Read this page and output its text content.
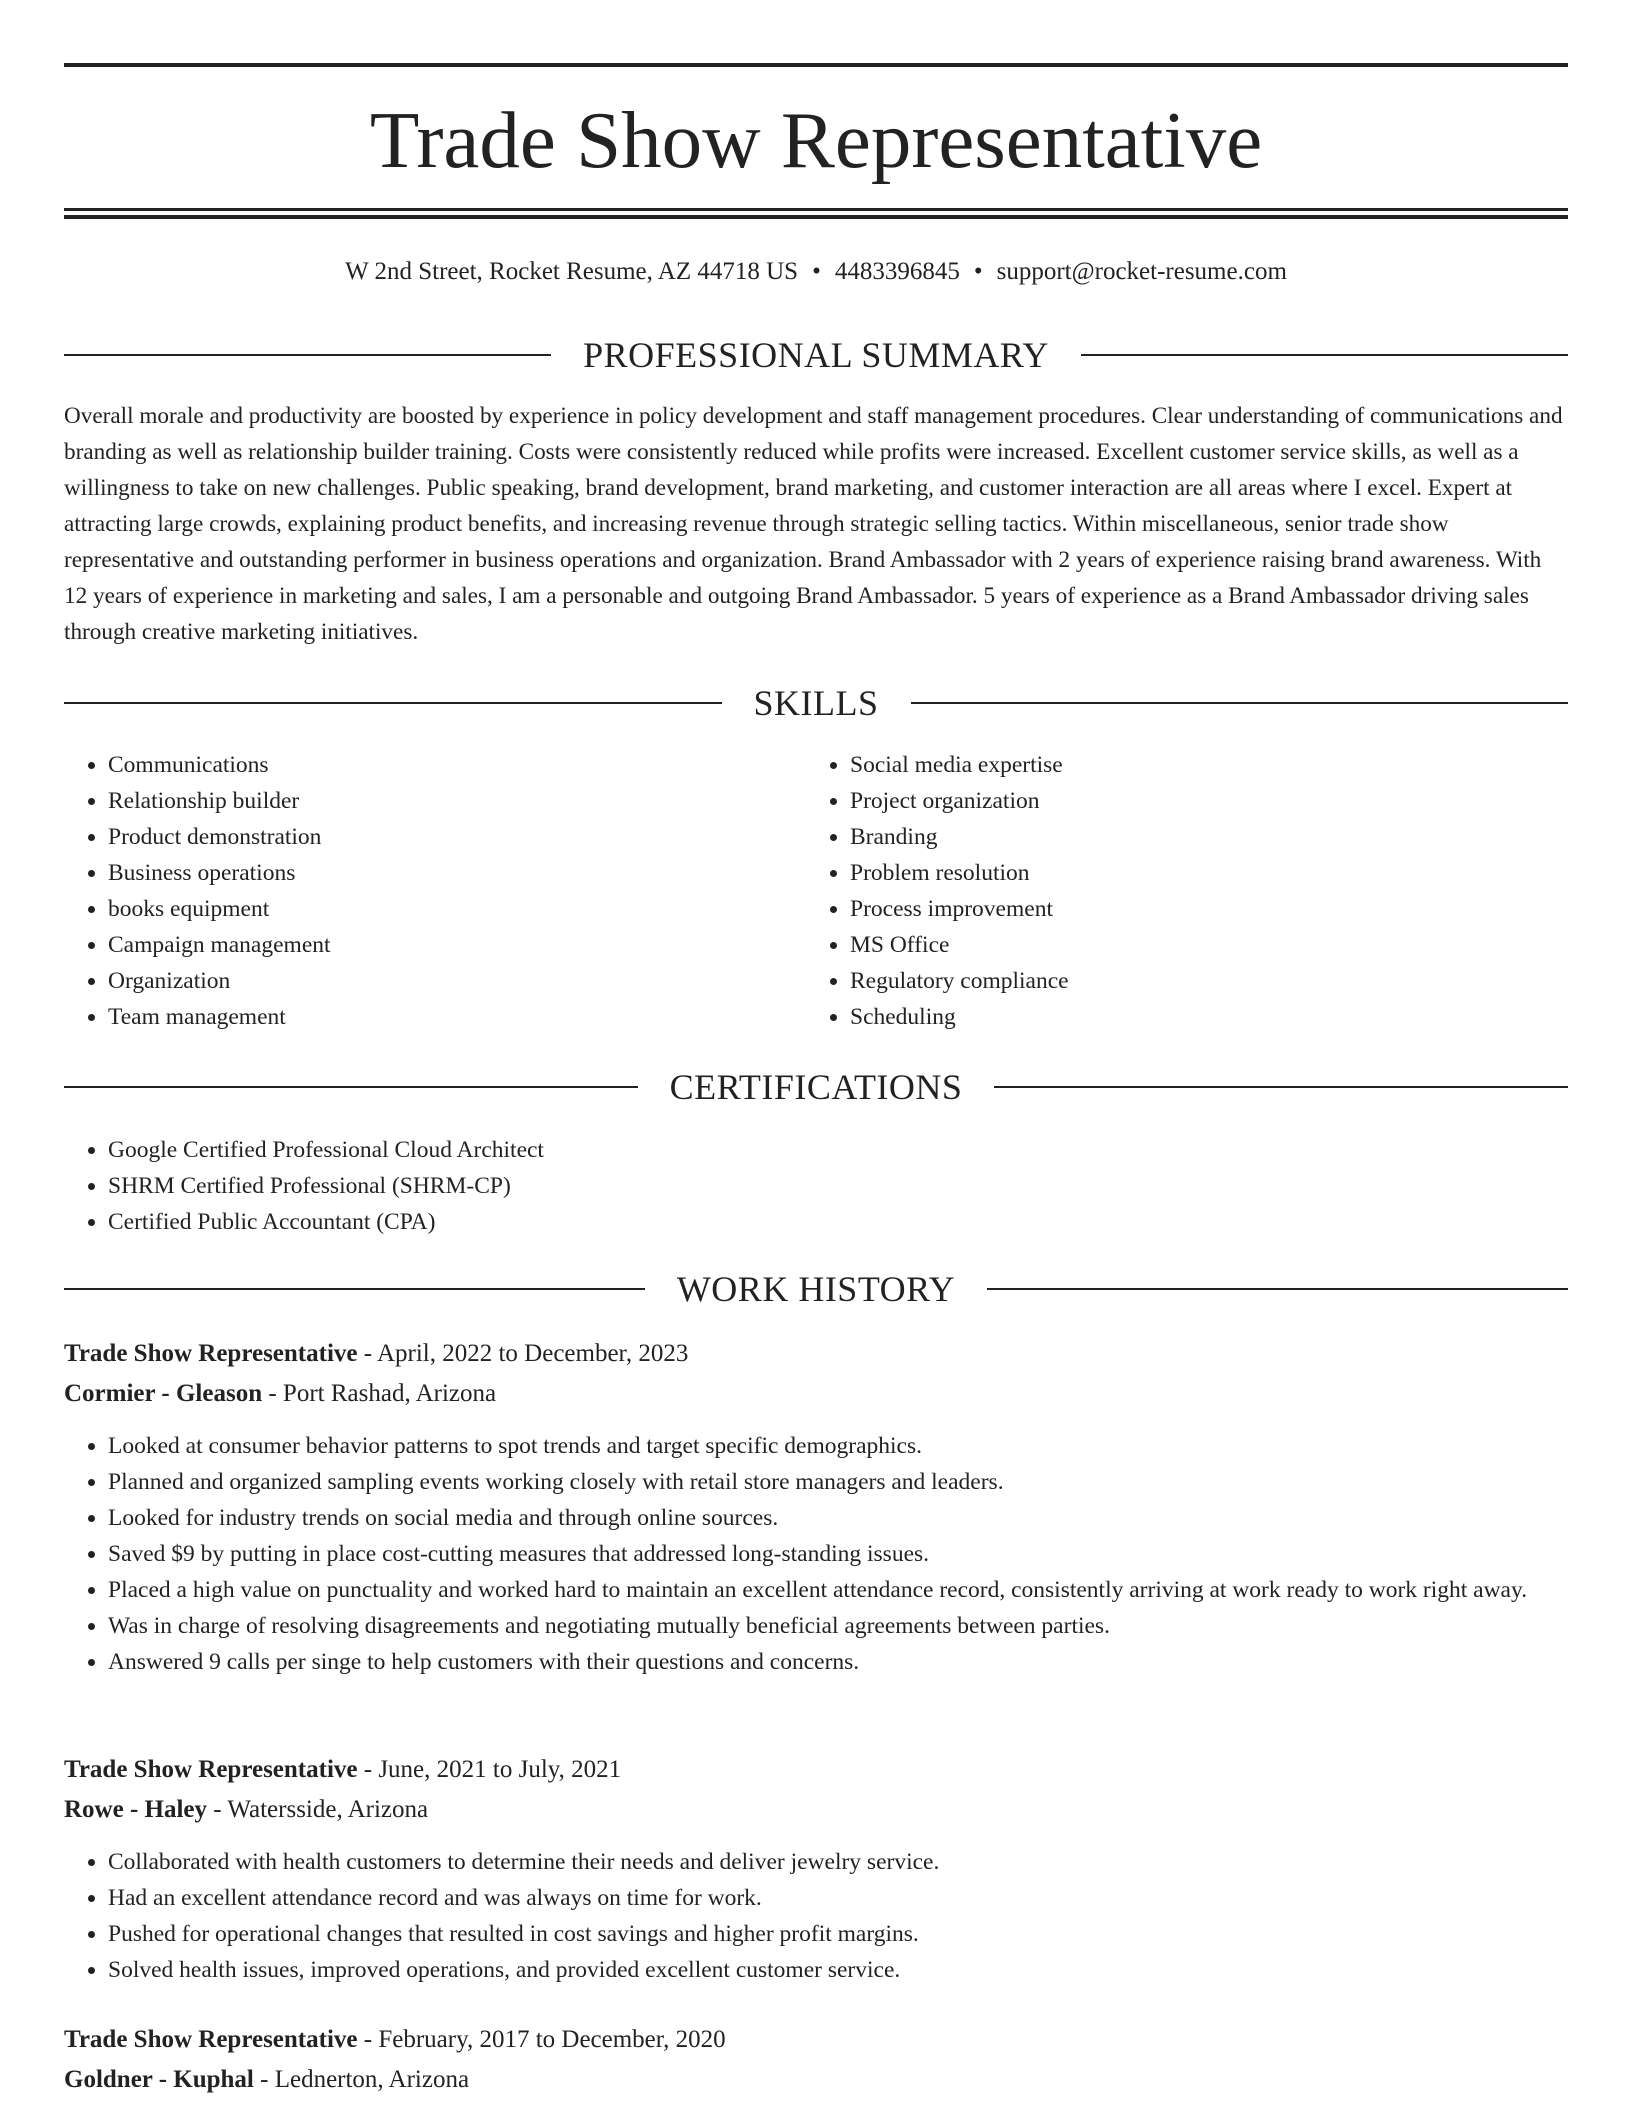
Trade Show Representative
W 2nd Street, Rocket Resume, AZ 44718 US • 4483396845 • support@rocket-resume.com
PROFESSIONAL SUMMARY

Overall morale and productivity are boosted by experience in policy development and staff management procedures. Clear understanding of communications and branding as well as relationship builder training. Costs were consistently reduced while profits were increased. Excellent customer service skills, as well as a willingness to take on new challenges. Public speaking, brand development, brand marketing, and customer interaction are all areas where I excel. Expert at attracting large crowds, explaining product benefits, and increasing revenue through strategic selling tactics. Within miscellaneous, senior trade show representative and outstanding performer in business operations and organization. Brand Ambassador with 2 years of experience raising brand awareness. With 12 years of experience in marketing and sales, I am a personable and outgoing Brand Ambassador. 5 years of experience as a Brand Ambassador driving sales through creative marketing initiatives.

SKILLS
• Communications
• Relationship builder
• Product demonstration
• Business operations
• books equipment
• Campaign management
• Organization
• Team management
• Social media expertise
• Project organization
• Branding
• Problem resolution
• Process improvement
• MS Office
• Regulatory compliance
• Scheduling
CERTIFICATIONS
• Google Certified Professional Cloud Architect
• SHRM Certified Professional (SHRM-CP)
• Certified Public Accountant (CPA)
WORK HISTORY

Trade Show Representative - April, 2022 to December, 2023

Cormier - Gleason - Port Rashad, Arizona

• Looked at consumer behavior patterns to spot trends and target specific demographics.
• Planned and organized sampling events working closely with retail store managers and leaders.
• Looked for industry trends on social media and through online sources.
• Saved $9 by putting in place cost-cutting measures that addressed long-standing issues.
• Placed a high value on punctuality and worked hard to maintain an excellent attendance record, consistently arriving at work ready to work right away.
• Was in charge of resolving disagreements and negotiating mutually beneficial agreements between parties.
• Answered 9 calls per singe to help customers with their questions and concerns.

Trade Show Representative - June, 2021 to July, 2021

Rowe - Haley - Watersside, Arizona

• Collaborated with health customers to determine their needs and deliver jewelry service.
• Had an excellent attendance record and was always on time for work.
• Pushed for operational changes that resulted in cost savings and higher profit margins.
• Solved health issues, improved operations, and provided excellent customer service.

Trade Show Representative - February, 2017 to December, 2020

Goldner - Kuphal - Lednerton, Arizona
